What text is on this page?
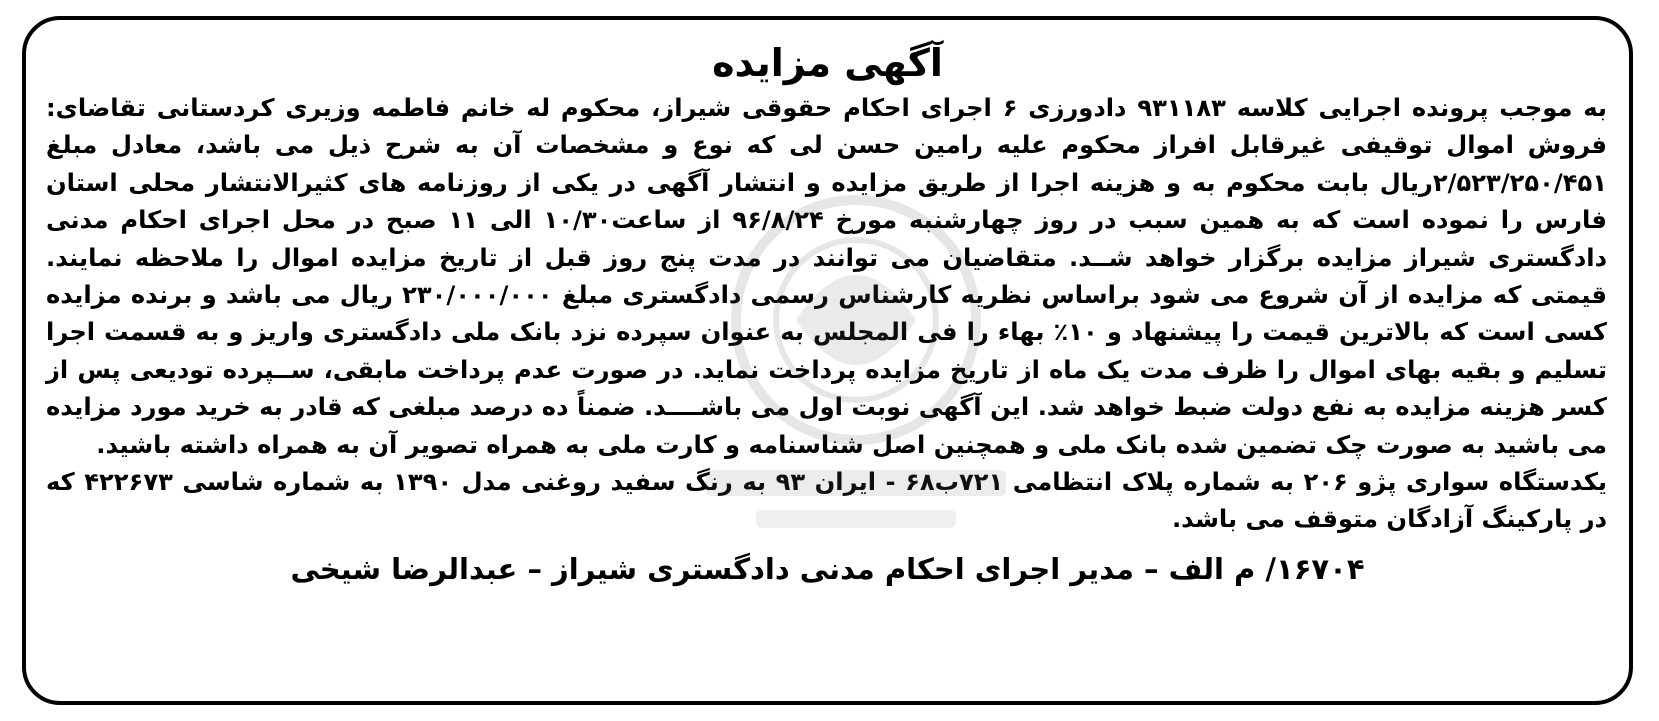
آگهی مزایده

به موجب پرونده اجرایی کلاسه ۹۳۱۱۸۳ دادورزی ۶ اجرای احکام حقوقی شیراز، محکوم له خانم فاطمه وزیری کردستانی تقاضای: فروش اموال توقیفی غیرقابل افراز محکوم علیه رامین حسن لی که نوع و مشخصات آن به شرح ذیل می باشد، معادل مبلغ ۲/۵۲۳/۲۵۰/۴۵۱ریال بابت محکوم به و هزینه اجرا از طریق مزایده و انتشار آگهی در یکی از روزنامه های کثیرالانتشار محلی استان فارس را نموده است که به همین سبب در روز چهارشنبه مورخ ۹۶/۸/۲۴ از ساعت۱۰/۳۰ الی ۱۱ صبح در محل اجرای احکام مدنی دادگستری شیراز مزایده برگزار خواهد شــد. متقاضیان می توانند در مدت پنج روز قبل از تاریخ مزایده اموال را ملاحظه نمایند. قیمتی که مزایده از آن شروع می شود براساس نظریه کارشناس رسمی دادگستری مبلغ ۲۳۰/۰۰۰/۰۰۰ ریال می باشد و برنده مزایده کسی است که بالاترین قیمت را پیشنهاد و ۱۰٪ بهاء را فی المجلس به عنوان سپرده نزد بانک ملی دادگستری واریز و به قسمت اجرا تسلیم و بقیه بهای اموال را ظرف مدت یک ماه از تاریخ مزایده پرداخت نماید. در صورت عدم پرداخت مابقی، ســپرده تودیعی پس از کسر هزینه مزایده به نفع دولت ضبط خواهد شد. این آگهی نوبت اول می باشــــد. ضمناً ده درصد مبلغی که قادر به خرید مورد مزایده می باشید به صورت چک تضمین شده بانک ملی و همچنین اصل شناسنامه و کارت ملی به همراه تصویر آن به همراه داشته باشید.

یکدستگاه سواری پژو ۲۰۶ به شماره پلاک انتظامی ۷۲۱ب۶۸ - ایران ۹۳ به رنگ سفید روغنی مدل ۱۳۹۰ به شماره شاسی ۴۲۲۶۷۳ که در پارکینگ آزادگان متوقف می باشد.

۱۶۷۰۴/ م الف – مدیر اجرای احکام مدنی دادگستری شیراز – عبدالرضا شیخی
